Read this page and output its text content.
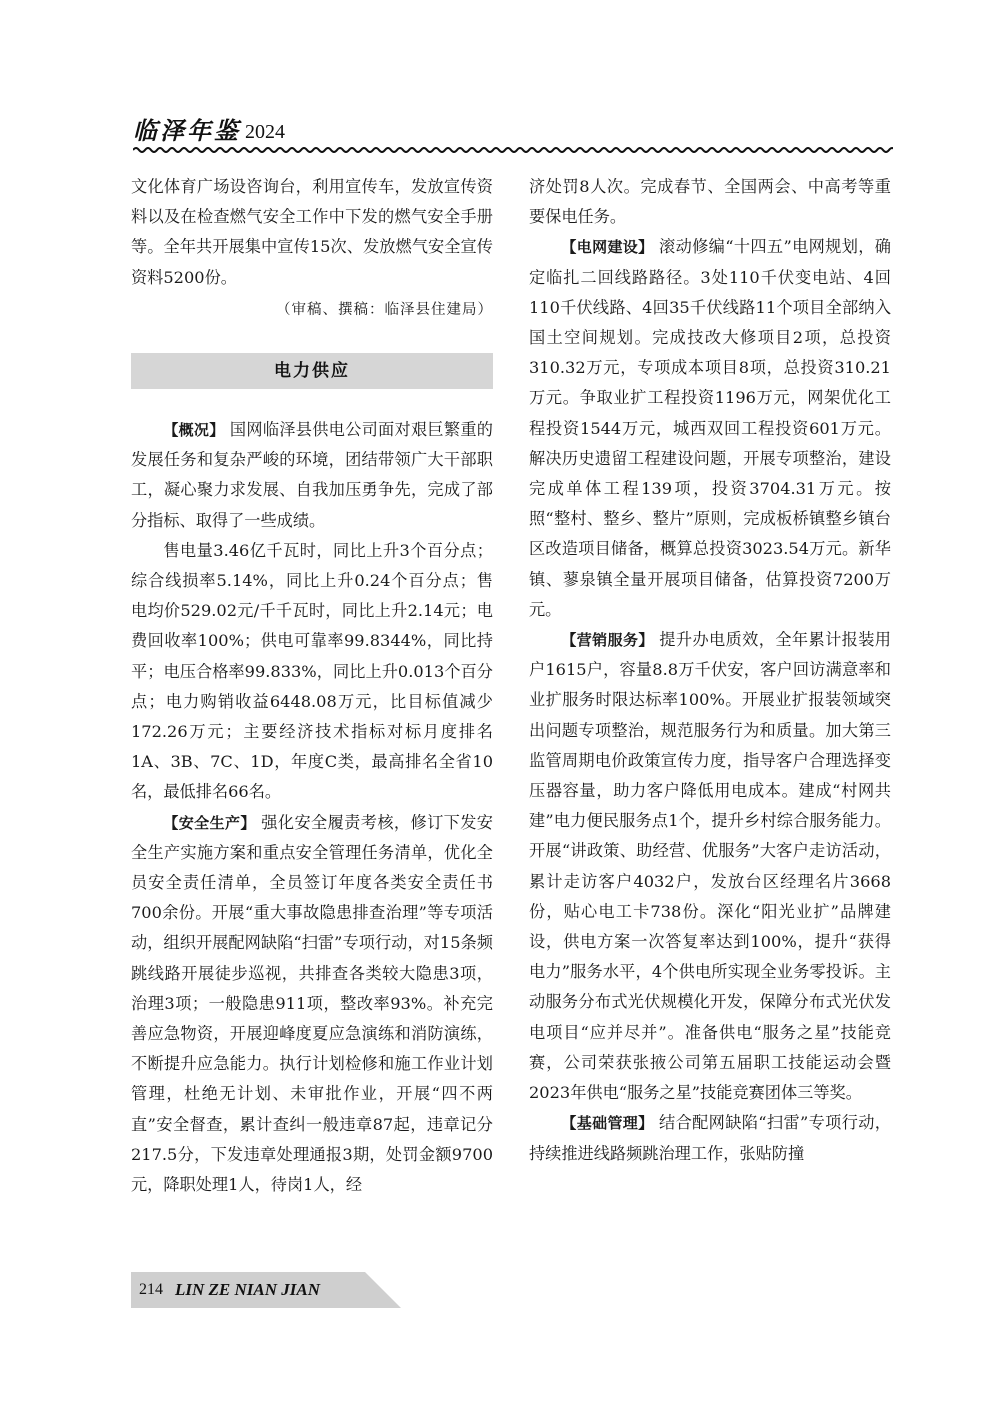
临泽年鉴 2024

文化体育广场设咨询台，利用宣传车，发放宣传资料以及在检查燃气安全工作中下发的燃气安全手册等。全年共开展集中宣传15次、发放燃气安全宣传资料5200份。

（审稿、撰稿：临泽县住建局）

电力供应

【概况】 国网临泽县供电公司面对艰巨繁重的发展任务和复杂严峻的环境，团结带领广大干部职工，凝心聚力求发展、自我加压勇争先，完成了部分指标、取得了一些成绩。

售电量3.46亿千瓦时，同比上升3个百分点；综合线损率5.14%，同比上升0.24个百分点；售电均价529.02元/千千瓦时，同比上升2.14元；电费回收率100%；供电可靠率99.8344%，同比持平；电压合格率99.833%，同比上升0.013个百分点；电力购销收益6448.08万元，比目标值减少172.26万元；主要经济技术指标对标月度排名1A、3B、7C、1D，年度C类，最高排名全省10名，最低排名66名。

【安全生产】 强化安全履责考核，修订下发安全生产实施方案和重点安全管理任务清单，优化全员安全责任清单，全员签订年度各类安全责任书700余份。开展“重大事故隐患排查治理”等专项活动，组织开展配网缺陷“扫雷”专项行动，对15条频跳线路开展徒步巡视，共排查各类较大隐患3项，治理3项；一般隐患911项，整改率93%。补充完善应急物资，开展迎峰度夏应急演练和消防演练，不断提升应急能力。执行计划检修和施工作业计划管理，杜绝无计划、未审批作业，开展“四不两直”安全督查，累计查纠一般违章87起，违章记分217.5分，下发违章处理通报3期，处罚金额9700元，降职处理1人，待岗1人，经

济处罚8人次。完成春节、全国两会、中高考等重要保电任务。

【电网建设】 滚动修编“十四五”电网规划，确定临扎二回线路路径。3处110千伏变电站、4回110千伏线路、4回35千伏线路11个项目全部纳入国土空间规划。完成技改大修项目2项，总投资310.32万元，专项成本项目8项，总投资310.21万元。争取业扩工程投资1196万元，网架优化工程投资1544万元，城西双回工程投资601万元。解决历史遗留工程建设问题，开展专项整治，建设完成单体工程139项，投资3704.31万元。按照“整村、整乡、整片”原则，完成板桥镇整乡镇台区改造项目储备，概算总投资3023.54万元。新华镇、蓼泉镇全量开展项目储备，估算投资7200万元。

【营销服务】 提升办电质效，全年累计报装用户1615户，容量8.8万千伏安，客户回访满意率和业扩服务时限达标率100%。开展业扩报装领域突出问题专项整治，规范服务行为和质量。加大第三监管周期电价政策宣传力度，指导客户合理选择变压器容量，助力客户降低用电成本。建成“村网共建”电力便民服务点1个，提升乡村综合服务能力。开展“讲政策、助经营、优服务”大客户走访活动，累计走访客户4032户，发放台区经理名片3668份，贴心电工卡738份。深化“阳光业扩”品牌建设，供电方案一次答复率达到100%，提升“获得电力”服务水平，4个供电所实现全业务零投诉。主动服务分布式光伏规模化开发，保障分布式光伏发电项目“应并尽并”。准备供电“服务之星”技能竞赛，公司荣获张掖公司第五届职工技能运动会暨2023年供电“服务之星”技能竞赛团体三等奖。

【基础管理】 结合配网缺陷“扫雷”专项行动，持续推进线路频跳治理工作，张贴防撞

214 LIN ZE NIAN JIAN
